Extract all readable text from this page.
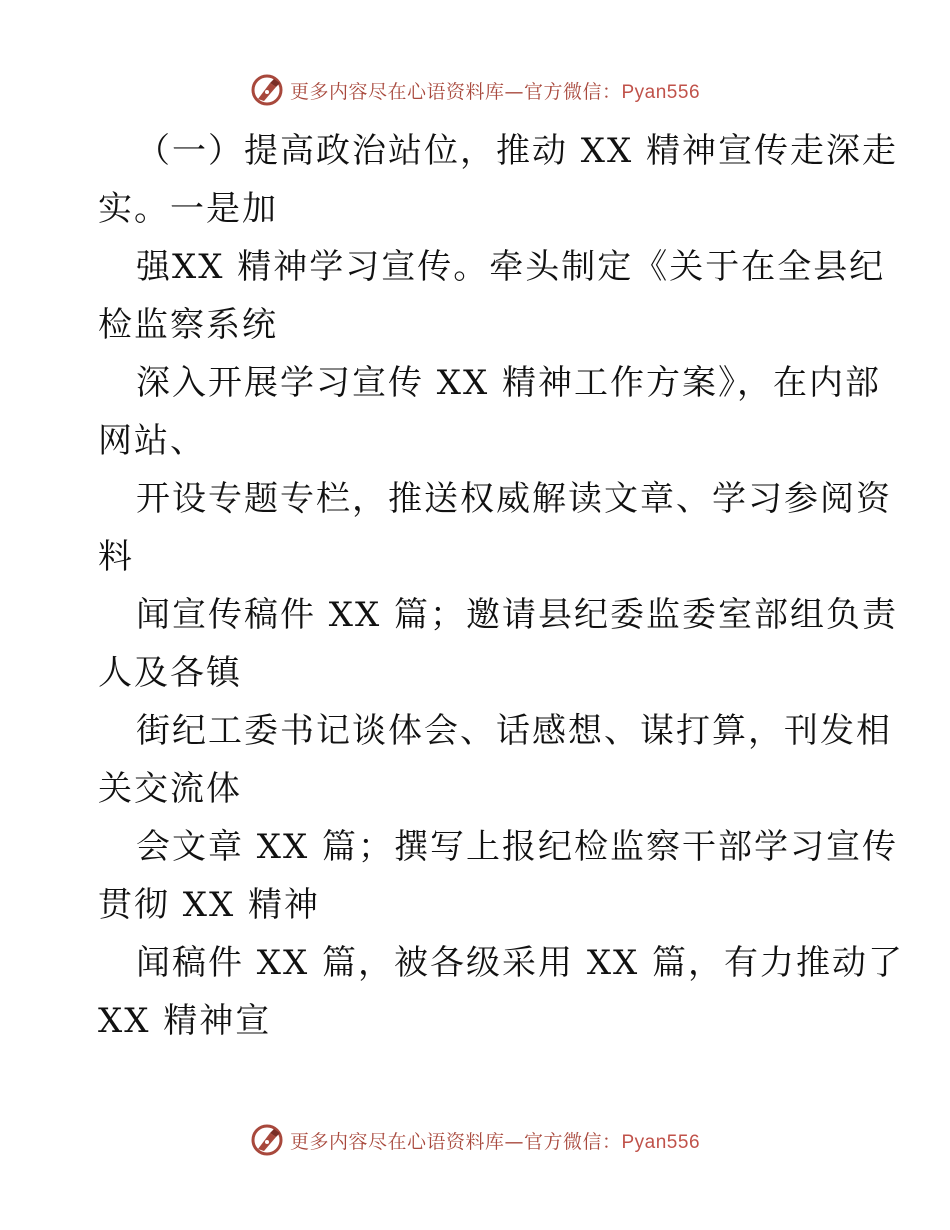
更多内容尽在心语资料库—官方微信：Pyan556
（一）提高政治站位，推动 XX 精神宣传走深走
实。一是加
强XX 精神学习宣传。牵头制定《关于在全县纪
检监察系统
深入开展学习宣传 XX 精神工作方案》，在内部
网站、
开设专题专栏，推送权威解读文章、学习参阅资
料
闻宣传稿件 XX 篇；邀请县纪委监委室部组负责
人及各镇
街纪工委书记谈体会、话感想、谋打算，刊发相
关交流体
会文章 XX 篇；撰写上报纪检监察干部学习宣传
贯彻 XX 精神
闻稿件 XX 篇，被各级采用 XX 篇，有力推动了
XX 精神宣
更多内容尽在心语资料库—官方微信：Pyan556
